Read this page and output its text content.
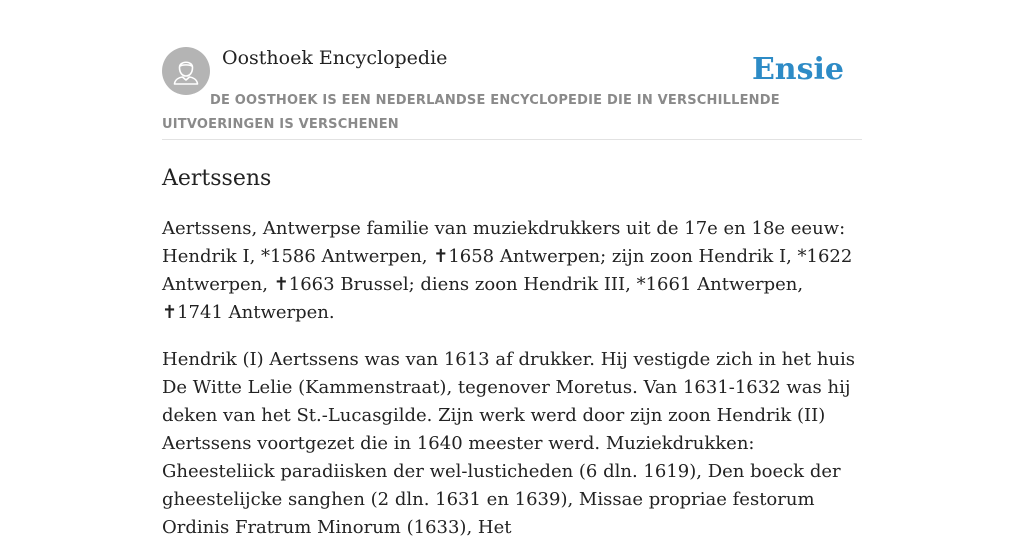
Oosthoek Encyclopedie	Ensie

DE OOSTHOEK IS EEN NEDERLANDSE ENCYCLOPEDIE DIE IN VERSCHILLENDE UITVOERINGEN IS VERSCHENEN

Aertssens

Aertssens, Antwerpse familie van muziekdrukkers uit de 17e en 18e eeuw: Hendrik I, *1586 Antwerpen, ✝1658 Antwerpen; zijn zoon Hendrik I, *1622 Antwerpen, ✝1663 Brussel; diens zoon Hendrik III, *1661 Antwerpen, ✝1741 Antwerpen.

Hendrik (I) Aertssens was van 1613 af drukker. Hij vestigde zich in het huis De Witte Lelie (Kammenstraat), tegenover Moretus. Van 1631-1632 was hij deken van het St.-Lucasgilde. Zijn werk werd door zijn zoon Hendrik (II) Aertssens voortgezet die in 1640 meester werd. Muziekdrukken: Gheesteliick paradiisken der wel-lusticheden (6 dln. 1619), Den boeck der gheestelijcke sanghen (2 dln. 1631 en 1639), Missae propriae festorum Ordinis Fratrum Minorum (1633), Het
